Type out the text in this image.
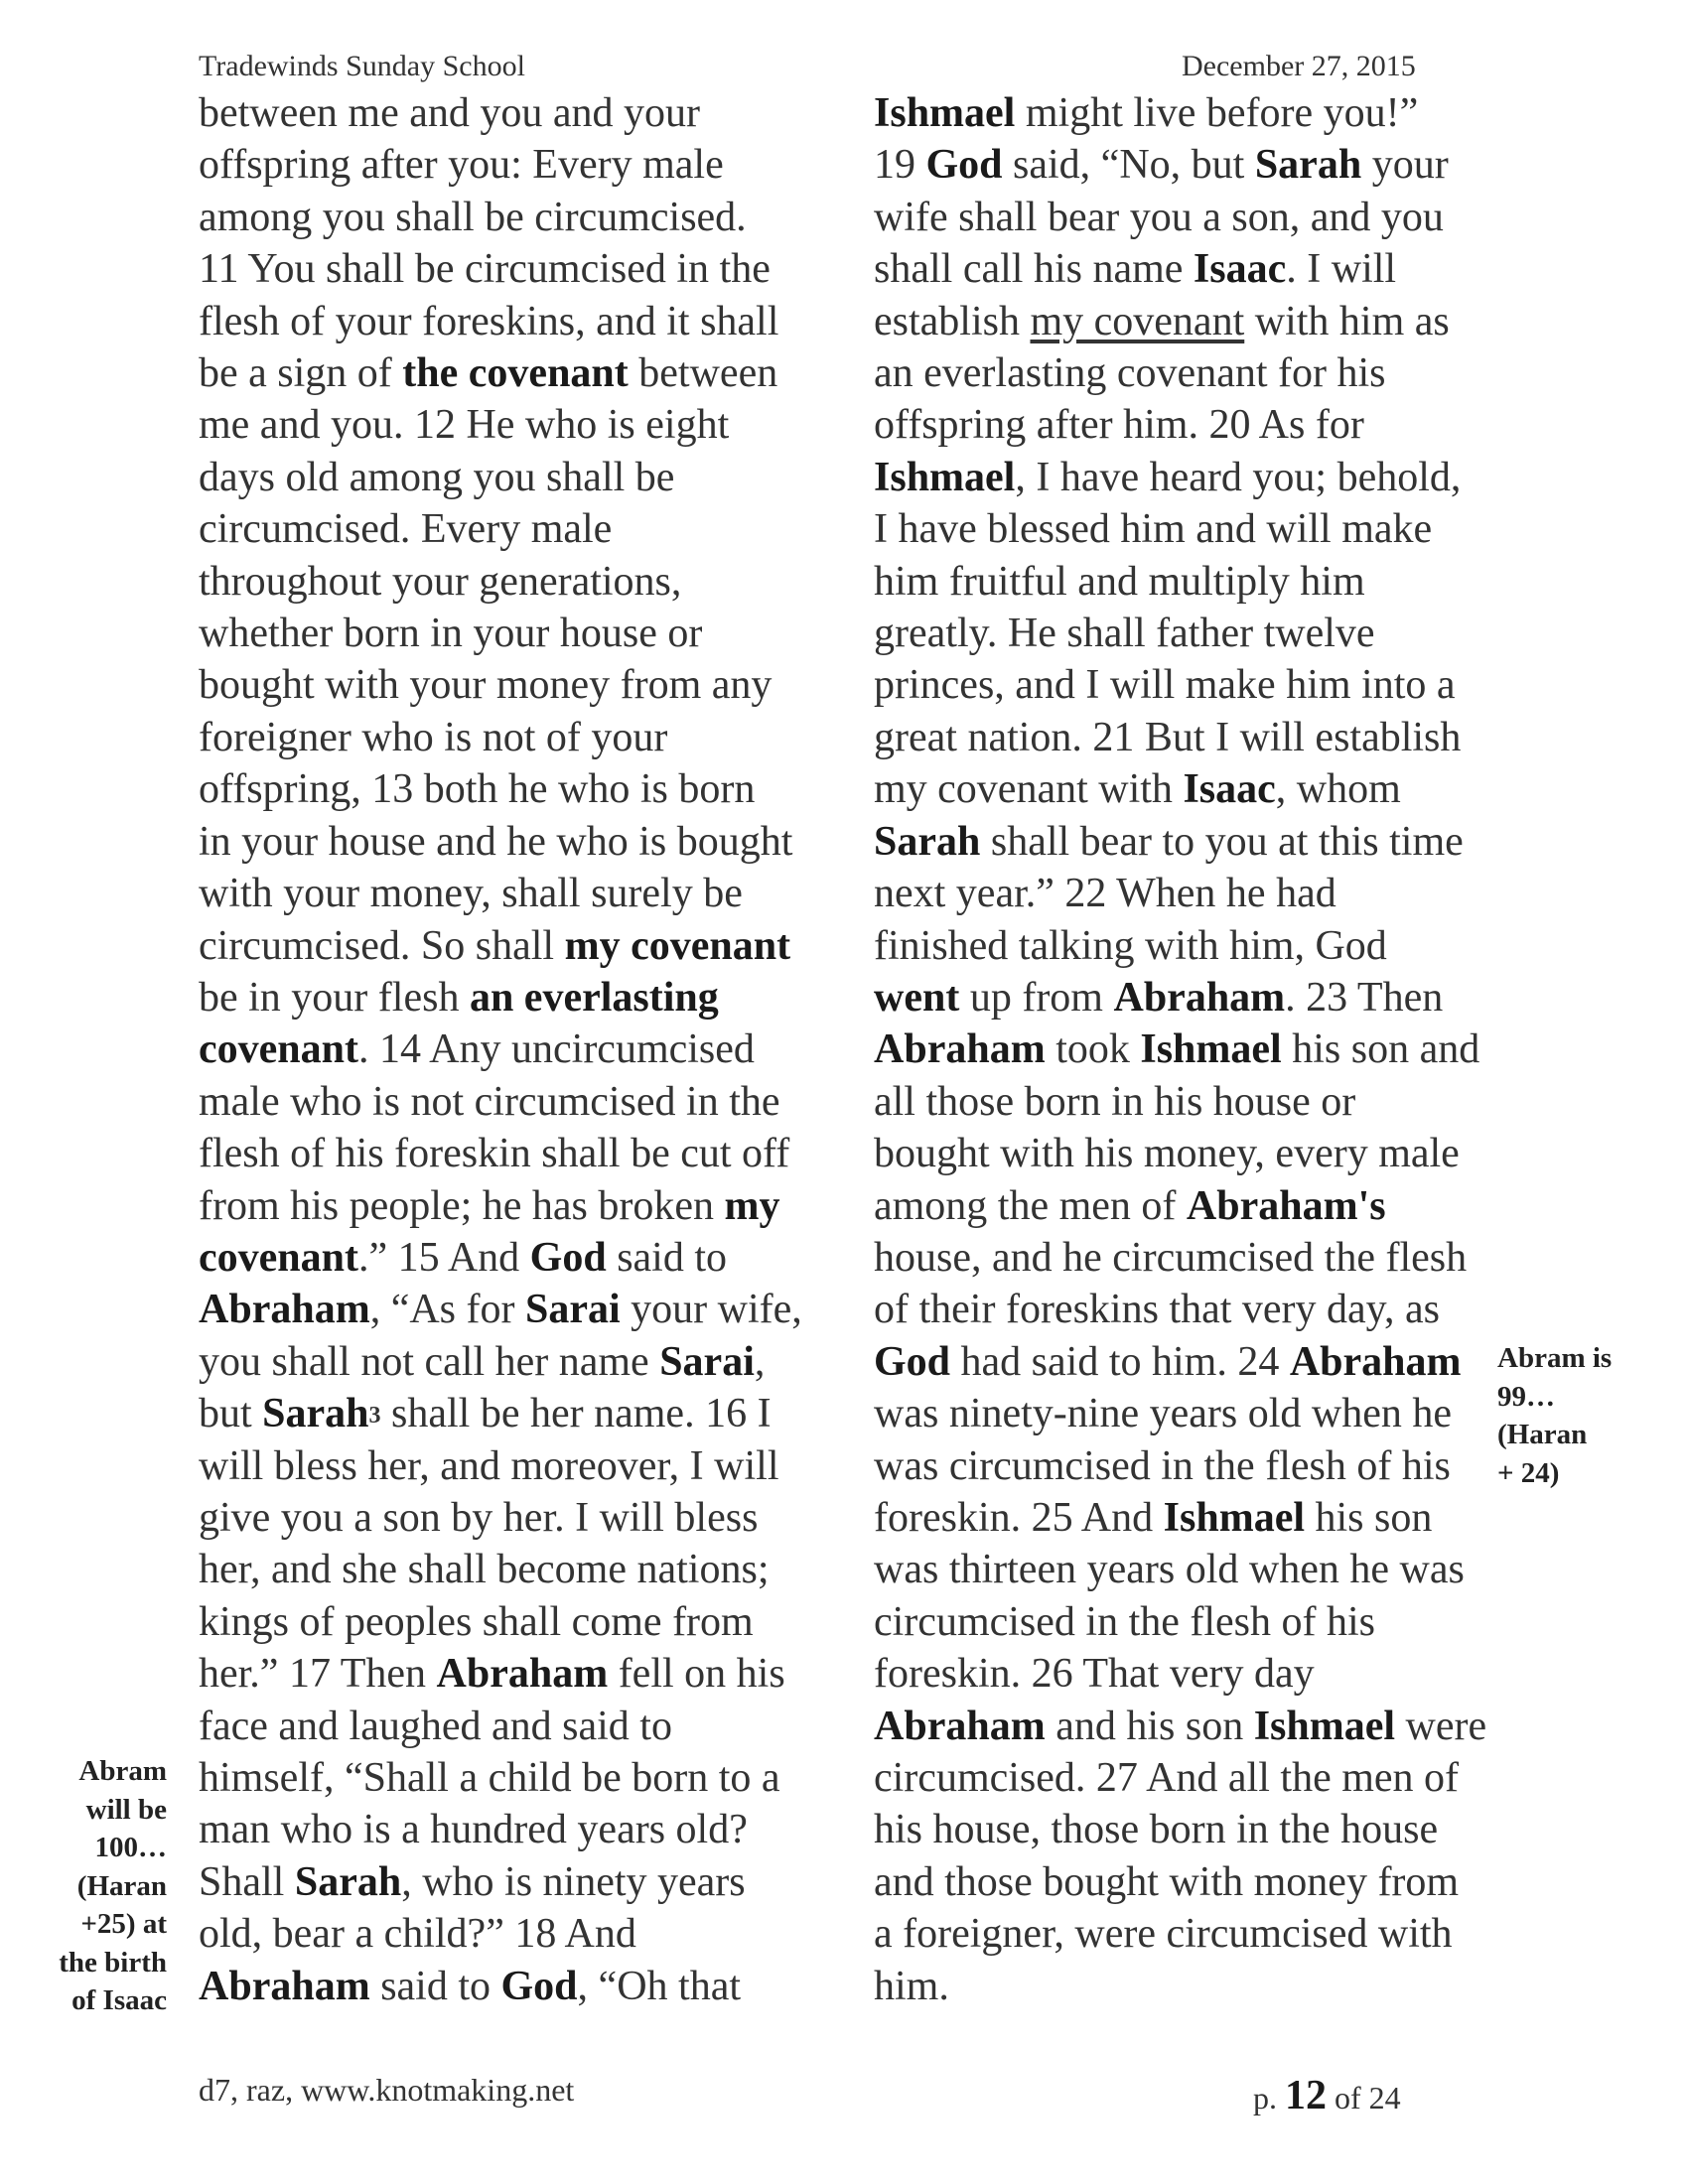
Tradewinds Sunday School	December 27, 2015
between me and you and your
offspring after you: Every male
among you shall be circumcised.
11 You shall be circumcised in the
flesh of your foreskins, and it shall
be a sign of the covenant between
me and you. 12 He who is eight
days old among you shall be
circumcised. Every male
throughout your generations,
whether born in your house or
bought with your money from any
foreigner who is not of your
offspring, 13 both he who is born
in your house and he who is bought
with your money, shall surely be
circumcised. So shall my covenant
be in your flesh an everlasting
covenant. 14 Any uncircumcised
male who is not circumcised in the
flesh of his foreskin shall be cut off
from his people; he has broken my
covenant.” 15 And God said to
Abraham, “As for Sarai your wife,
you shall not call her name Sarai,
but Sarah$^3$ shall be her name. 16 I
will bless her, and moreover, I will
give you a son by her. I will bless
her, and she shall become nations;
kings of peoples shall come from
her.” 17 Then Abraham fell on his
face and laughed and said to
himself, “Shall a child be born to a
man who is a hundred years old?
Shall Sarah, who is ninety years
old, bear a child?” 18 And
Abraham said to God, “Oh that
Ishmael might live before you!”
19 God said, “No, but Sarah your
wife shall bear you a son, and you
shall call his name Isaac. I will
establish my covenant with him as
an everlasting covenant for his
offspring after him. 20 As for
Ishmael, I have heard you; behold,
I have blessed him and will make
him fruitful and multiply him
greatly. He shall father twelve
princes, and I will make him into a
great nation. 21 But I will establish
my covenant with Isaac, whom
Sarah shall bear to you at this time
next year.” 22 When he had
finished talking with him, God
went up from Abraham. 23 Then
Abraham took Ishmael his son and
all those born in his house or
bought with his money, every male
among the men of Abraham's
house, and he circumcised the flesh
of their foreskins that very day, as
God had said to him. 24 Abraham
was ninety-nine years old when he
was circumcised in the flesh of his
foreskin. 25 And Ishmael his son
was thirteen years old when he was
circumcised in the flesh of his
foreskin. 26 That very day
Abraham and his son Ishmael were
circumcised. 27 And all the men of
his house, those born in the house
and those bought with money from
a foreigner, were circumcised with
him.
Abram
will be
100…
(Haran
+25) at
the birth
of Isaac
Abram is
99…
(Haran
+ 24)
d7, raz, www.knotmaking.net	p. 12 of 24
